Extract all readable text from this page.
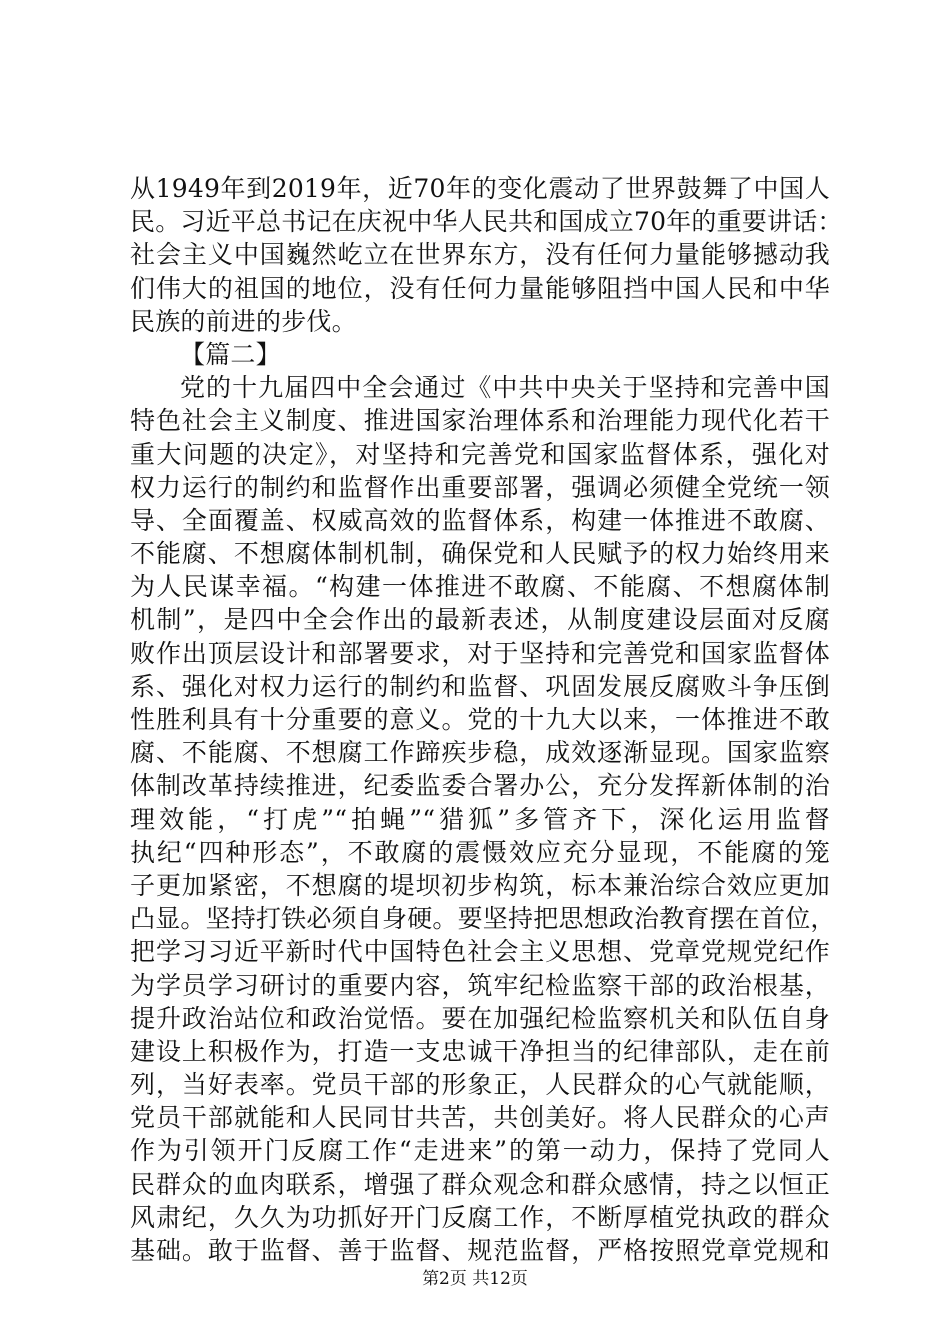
从1949年到2019年，近70年的变化震动了世界鼓舞了中国人
民。习近平总书记在庆祝中华人民共和国成立70年的重要讲话：
社会主义中国巍然屹立在世界东方，没有任何力量能够撼动我
们伟大的祖国的地位，没有任何力量能够阻挡中国人民和中华
民族的前进的步伐。
【篇二】
党的十九届四中全会通过《中共中央关于坚持和完善中国
特色社会主义制度、推进国家治理体系和治理能力现代化若干
重大问题的决定》，对坚持和完善党和国家监督体系，强化对
权力运行的制约和监督作出重要部署，强调必须健全党统一领
导、全面覆盖、权威高效的监督体系，构建一体推进不敢腐、
不能腐、不想腐体制机制，确保党和人民赋予的权力始终用来
为人民谋幸福。“构建一体推进不敢腐、不能腐、不想腐体制
机制”，是四中全会作出的最新表述，从制度建设层面对反腐
败作出顶层设计和部署要求，对于坚持和完善党和国家监督体
系、强化对权力运行的制约和监督、巩固发展反腐败斗争压倒
性胜利具有十分重要的意义。党的十九大以来，一体推进不敢
腐、不能腐、不想腐工作蹄疾步稳，成效逐渐显现。国家监察
体制改革持续推进，纪委监委合署办公，充分发挥新体制的治
理效能，“打虎”“拍蝇”“猎狐”多管齐下，深化运用监督
执纪“四种形态”，不敢腐的震慑效应充分显现，不能腐的笼
子更加紧密，不想腐的堤坝初步构筑，标本兼治综合效应更加
凸显。坚持打铁必须自身硬。要坚持把思想政治教育摆在首位，
把学习习近平新时代中国特色社会主义思想、党章党规党纪作
为学员学习研讨的重要内容，筑牢纪检监察干部的政治根基，
提升政治站位和政治觉悟。要在加强纪检监察机关和队伍自身
建设上积极作为，打造一支忠诚干净担当的纪律部队，走在前
列，当好表率。党员干部的形象正，人民群众的心气就能顺，
党员干部就能和人民同甘共苦，共创美好。将人民群众的心声
作为引领开门反腐工作“走进来”的第一动力，保持了党同人
民群众的血肉联系，增强了群众观念和群众感情，持之以恒正
风肃纪，久久为功抓好开门反腐工作，不断厚植党执政的群众
基础。敢于监督、善于监督、规范监督，严格按照党章党规和
第2页 共12页
